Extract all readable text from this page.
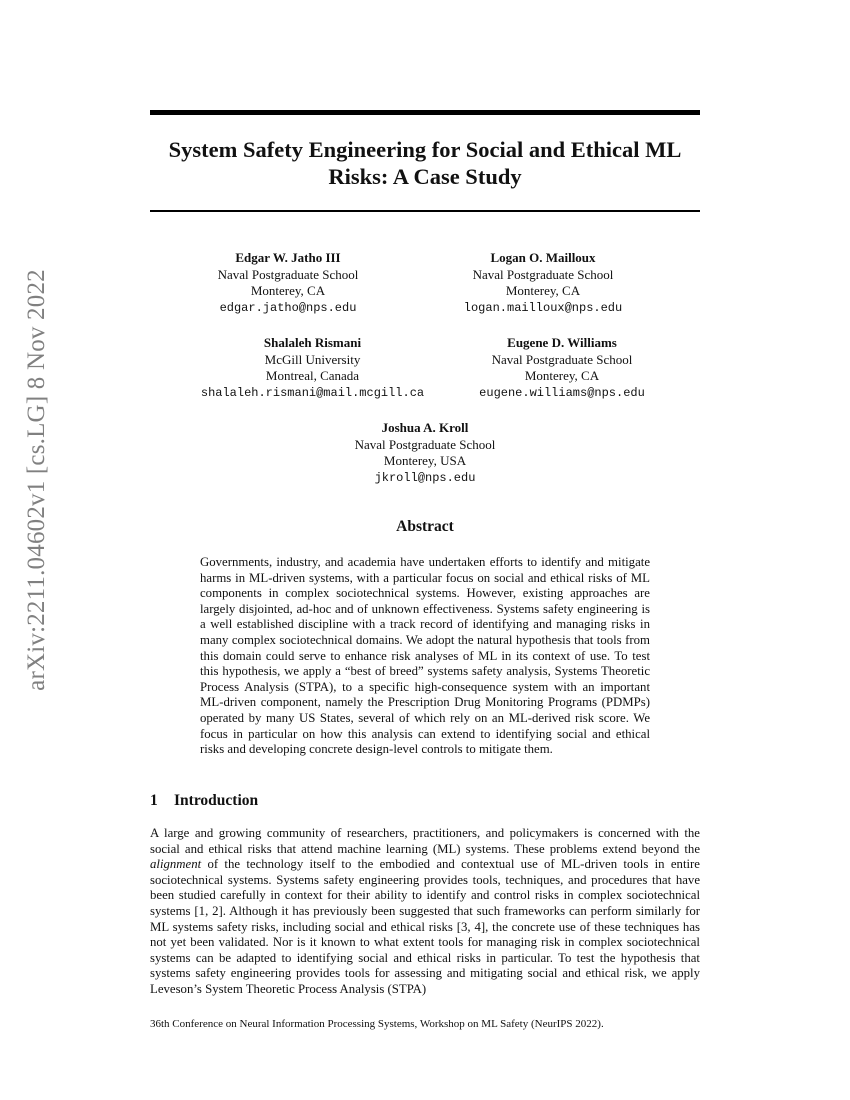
arXiv:2211.04602v1 [cs.LG] 8 Nov 2022
System Safety Engineering for Social and Ethical ML Risks: A Case Study
Edgar W. Jatho III
Naval Postgraduate School
Monterey, CA
edgar.jatho@nps.edu
Logan O. Mailloux
Naval Postgraduate School
Monterey, CA
logan.mailloux@nps.edu
Shalaleh Rismani
McGill University
Montreal, Canada
shalaleh.rismani@mail.mcgill.ca
Eugene D. Williams
Naval Postgraduate School
Monterey, CA
eugene.williams@nps.edu
Joshua A. Kroll
Naval Postgraduate School
Monterey, USA
jkroll@nps.edu
Abstract

Governments, industry, and academia have undertaken efforts to identify and mitigate harms in ML-driven systems, with a particular focus on social and ethical risks of ML components in complex sociotechnical systems. However, existing approaches are largely disjointed, ad-hoc and of unknown effectiveness. Systems safety engineering is a well established discipline with a track record of identifying and managing risks in many complex sociotechnical domains. We adopt the natural hypothesis that tools from this domain could serve to enhance risk analyses of ML in its context of use. To test this hypothesis, we apply a “best of breed” systems safety analysis, Systems Theoretic Process Analysis (STPA), to a specific high-consequence system with an important ML-driven component, namely the Prescription Drug Monitoring Programs (PDMPs) operated by many US States, several of which rely on an ML-derived risk score. We focus in particular on how this analysis can extend to identifying social and ethical risks and developing concrete design-level controls to mitigate them.

1 Introduction

A large and growing community of researchers, practitioners, and policymakers is concerned with the social and ethical risks that attend machine learning (ML) systems. These problems extend beyond the alignment of the technology itself to the embodied and contextual use of ML-driven tools in entire sociotechnical systems. Systems safety engineering provides tools, techniques, and procedures that have been studied carefully in context for their ability to identify and control risks in complex sociotechnical systems [1, 2]. Although it has previously been suggested that such frameworks can perform similarly for ML systems safety risks, including social and ethical risks [3, 4], the concrete use of these techniques has not yet been validated. Nor is it known to what extent tools for managing risk in complex sociotechnical systems can be adapted to identifying social and ethical risks in particular. To test the hypothesis that systems safety engineering provides tools for assessing and mitigating social and ethical risk, we apply Leveson’s System Theoretic Process Analysis (STPA)

36th Conference on Neural Information Processing Systems, Workshop on ML Safety (NeurIPS 2022).
